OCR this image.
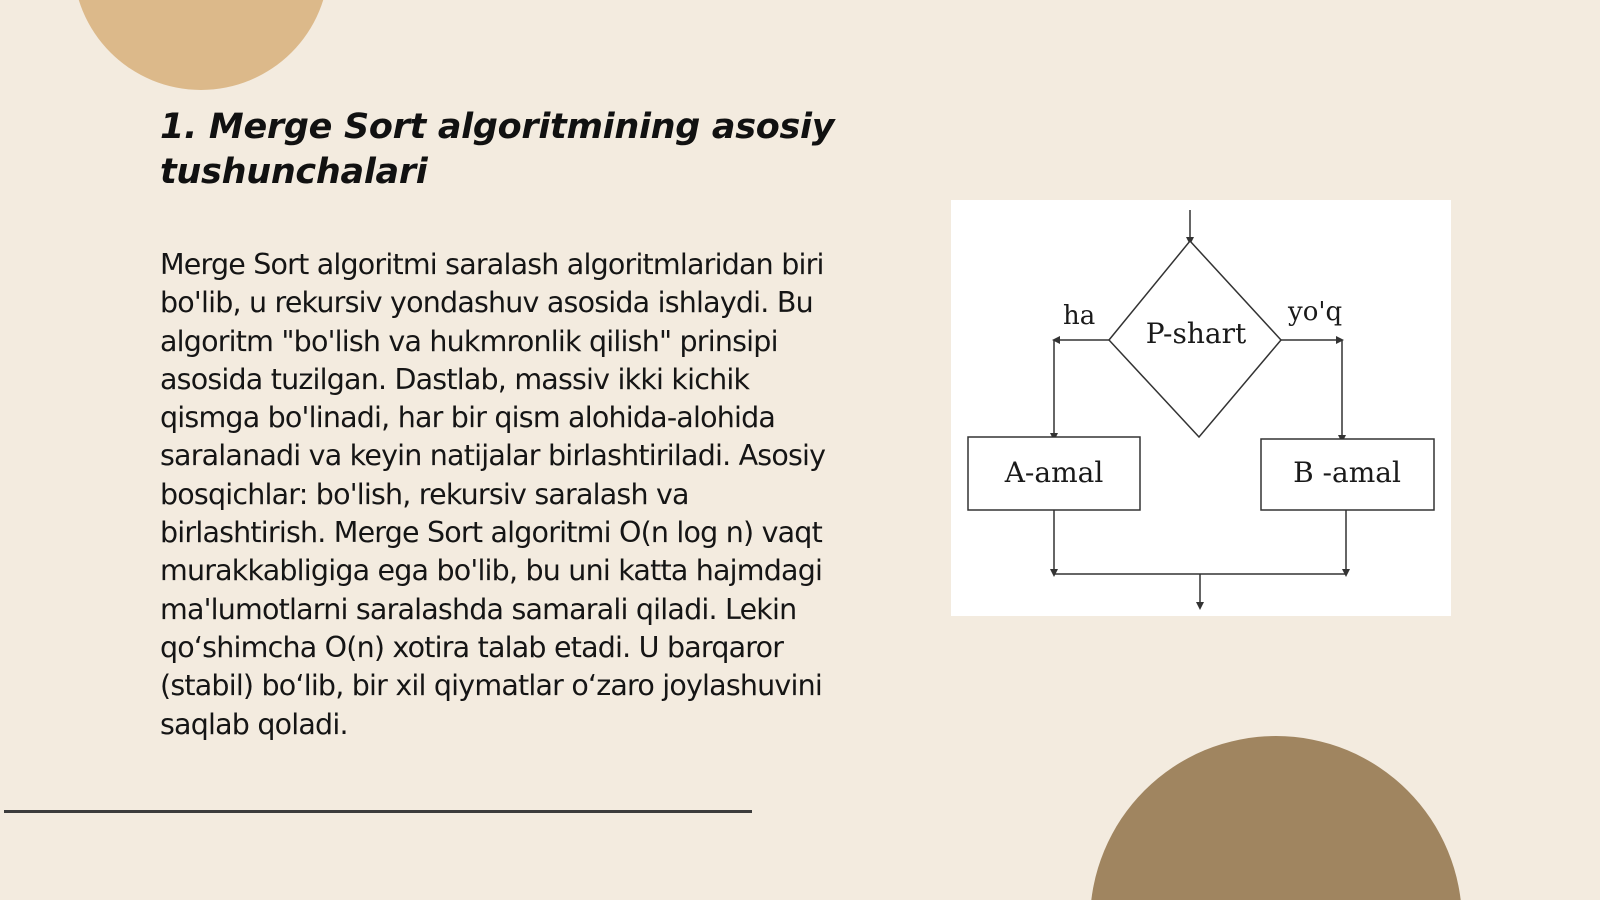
1. Merge Sort algoritmining asosiy tushunchalari

Merge Sort algoritmi saralash algoritmlaridan biri bo'lib, u rekursiv yondashuv asosida ishlaydi. Bu algoritm "bo'lish va hukmronlik qilish" prinsipi asosida tuzilgan. Dastlab, massiv ikki kichik qismga bo'linadi, har bir qism alohida-alohida saralanadi va keyin natijalar birlashtiriladi. Asosiy bosqichlar: bo'lish, rekursiv saralash va birlashtirish. Merge Sort algoritmi O(n log n) vaqt murakkabligiga ega bo'lib, bu uni katta hajmdagi ma'lumotlarni saralashda samarali qiladi. Lekin qo‘shimcha O(n) xotira talab etadi. U barqaror (stabil) bo‘lib, bir xil qiymatlar o‘zaro joylashuvini saqlab qoladi.

P-shart
ha	yo'q
A-amal	B -amal
